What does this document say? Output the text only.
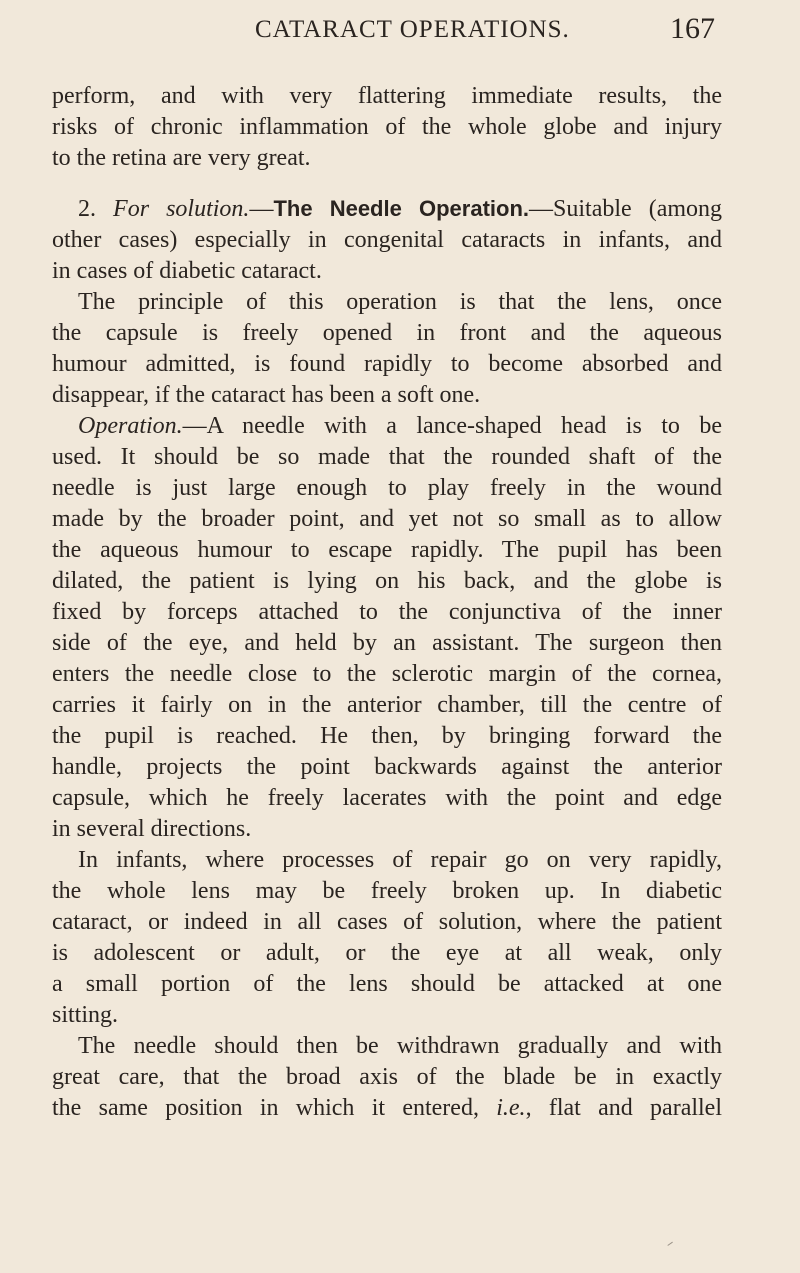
CATARACT OPERATIONS.	167
perform, and with very flattering immediate results, the
risks of chronic inflammation of the whole globe and injury
to the retina are very great.
2. For solution.—The Needle Operation.—Suitable (among
other cases) especially in congenital cataracts in infants, and
in cases of diabetic cataract.
The principle of this operation is that the lens, once
the capsule is freely opened in front and the aqueous
humour admitted, is found rapidly to become absorbed and
disappear, if the cataract has been a soft one.
Operation.—A needle with a lance-shaped head is to be
used. It should be so made that the rounded shaft of the
needle is just large enough to play freely in the wound
made by the broader point, and yet not so small as to allow
the aqueous humour to escape rapidly. The pupil has been
dilated, the patient is lying on his back, and the globe is
fixed by forceps attached to the conjunctiva of the inner
side of the eye, and held by an assistant. The surgeon then
enters the needle close to the sclerotic margin of the cornea,
carries it fairly on in the anterior chamber, till the centre of
the pupil is reached. He then, by bringing forward the
handle, projects the point backwards against the anterior
capsule, which he freely lacerates with the point and edge
in several directions.
In infants, where processes of repair go on very rapidly,
the whole lens may be freely broken up. In diabetic
cataract, or indeed in all cases of solution, where the patient
is adolescent or adult, or the eye at all weak, only
a small portion of the lens should be attacked at one
sitting.
The needle should then be withdrawn gradually and with
great care, that the broad axis of the blade be in exactly
the same position in which it entered, i.e., flat and parallel
